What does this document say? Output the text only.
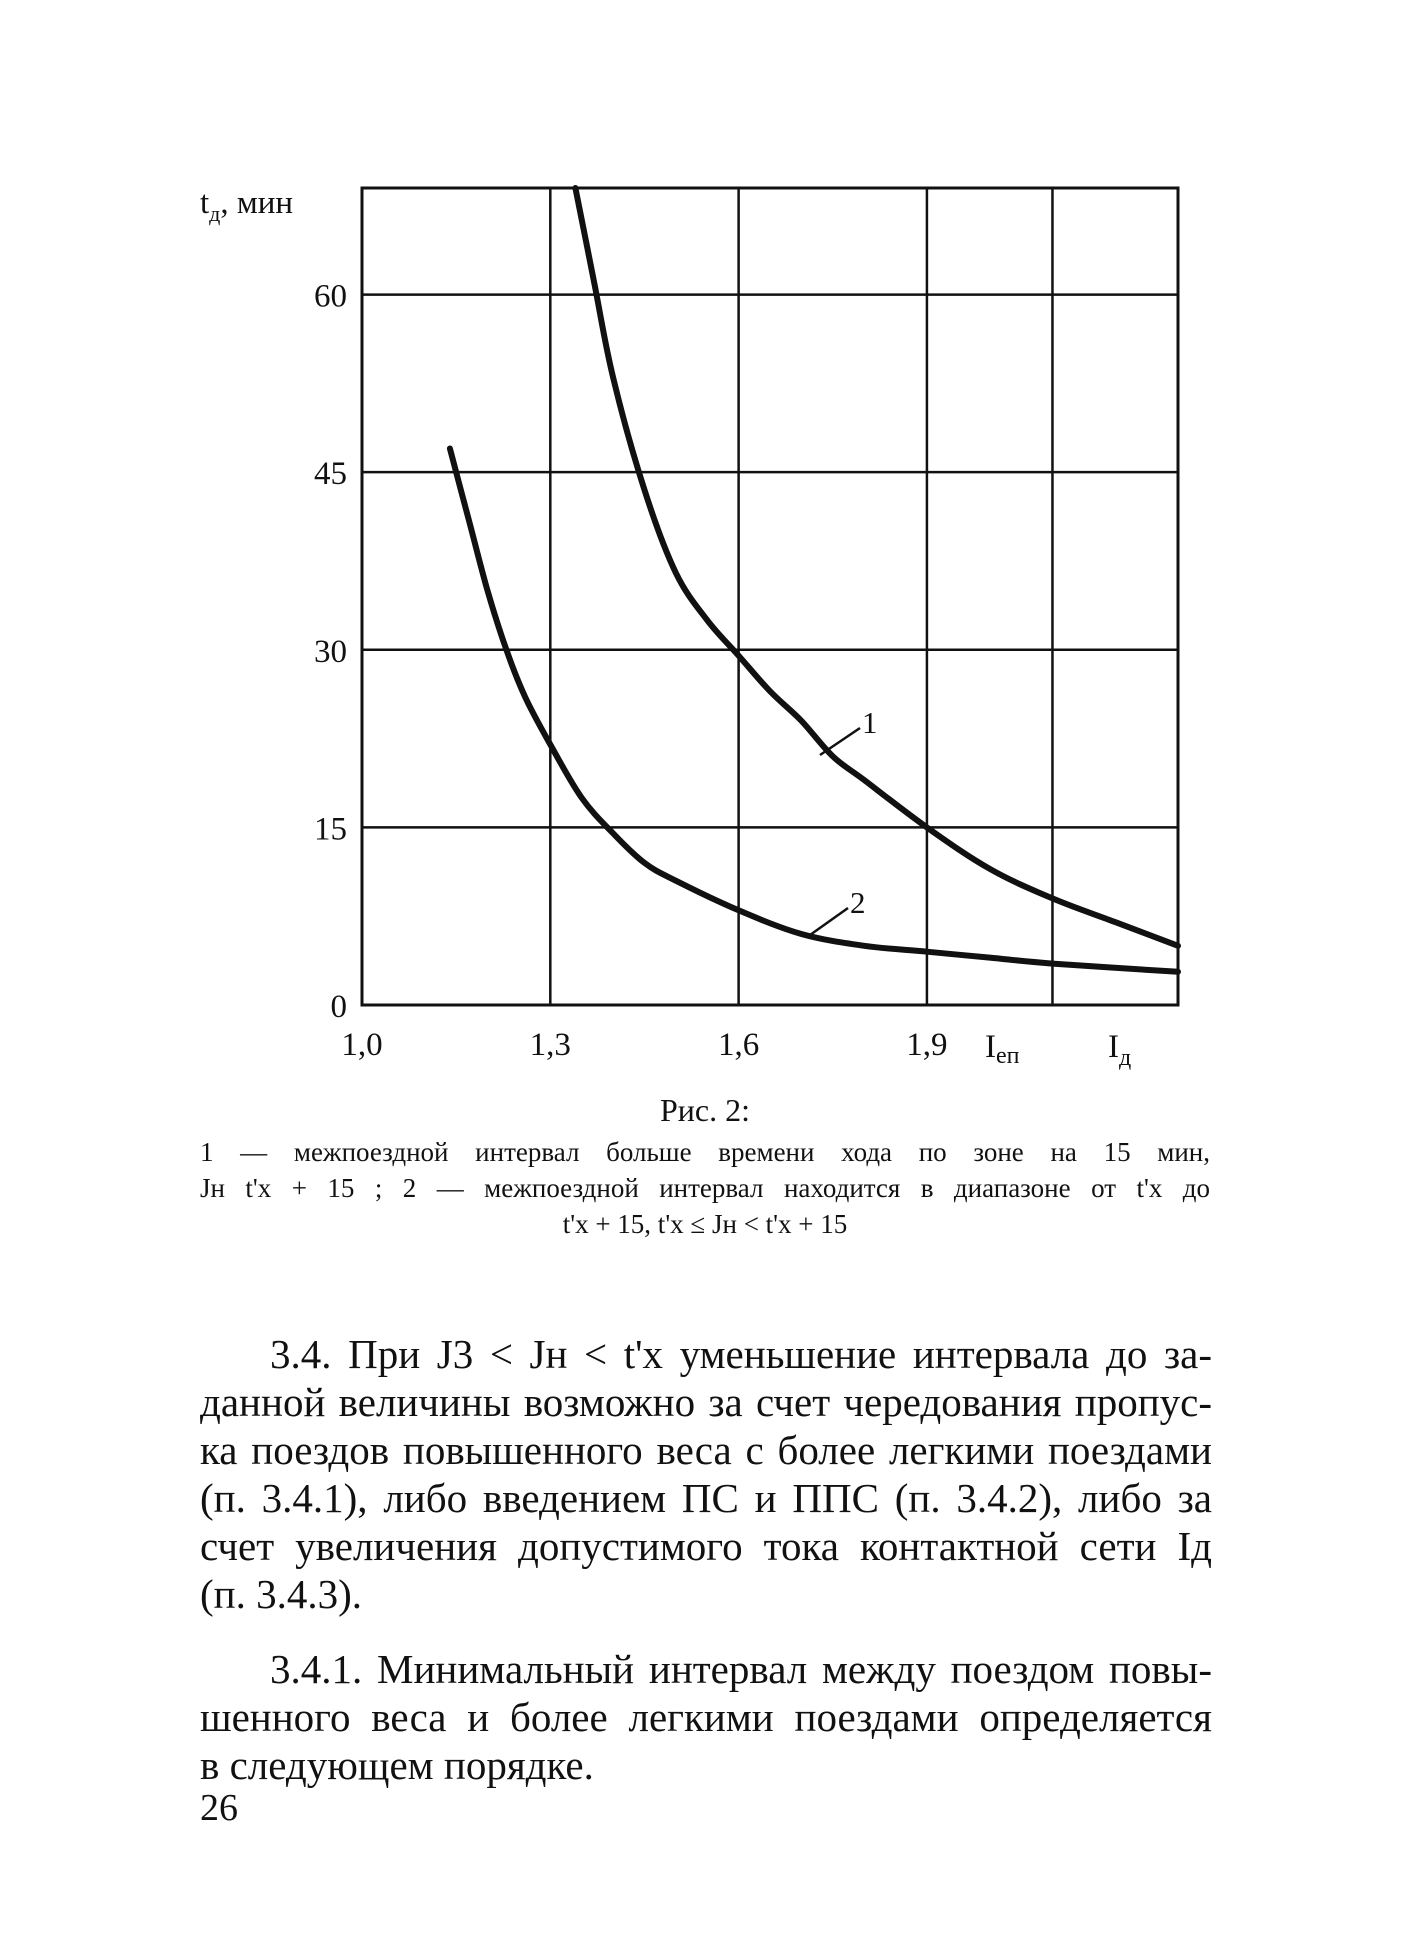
0
15
30
45
60
1,0	1,3	1,6	1,9
$t_д$, мин
Iеп	$I_д$
1
2
Рис. 2:
1 — межпоездной интервал больше времени хода по зоне на 15 мин,
Jн t'х + 15 ; 2 — межпоездной интервал находится в диапазоне от t'х до
t'х + 15, t'х ≤ Jн < t'х + 15
3.4. При J3 < Jн < t'х уменьшение интервала до за-
данной величины возможно за счет чередования пропус-
ка поездов повышенного веса с более легкими поездами
(п. 3.4.1), либо введением ПС и ППС (п. 3.4.2), либо за
счет увеличения допустимого тока контактной сети Iд
(п. 3.4.3).
3.4.1. Минимальный интервал между поездом повы-
шенного веса и более легкими поездами определяется
в следующем порядке.
26
